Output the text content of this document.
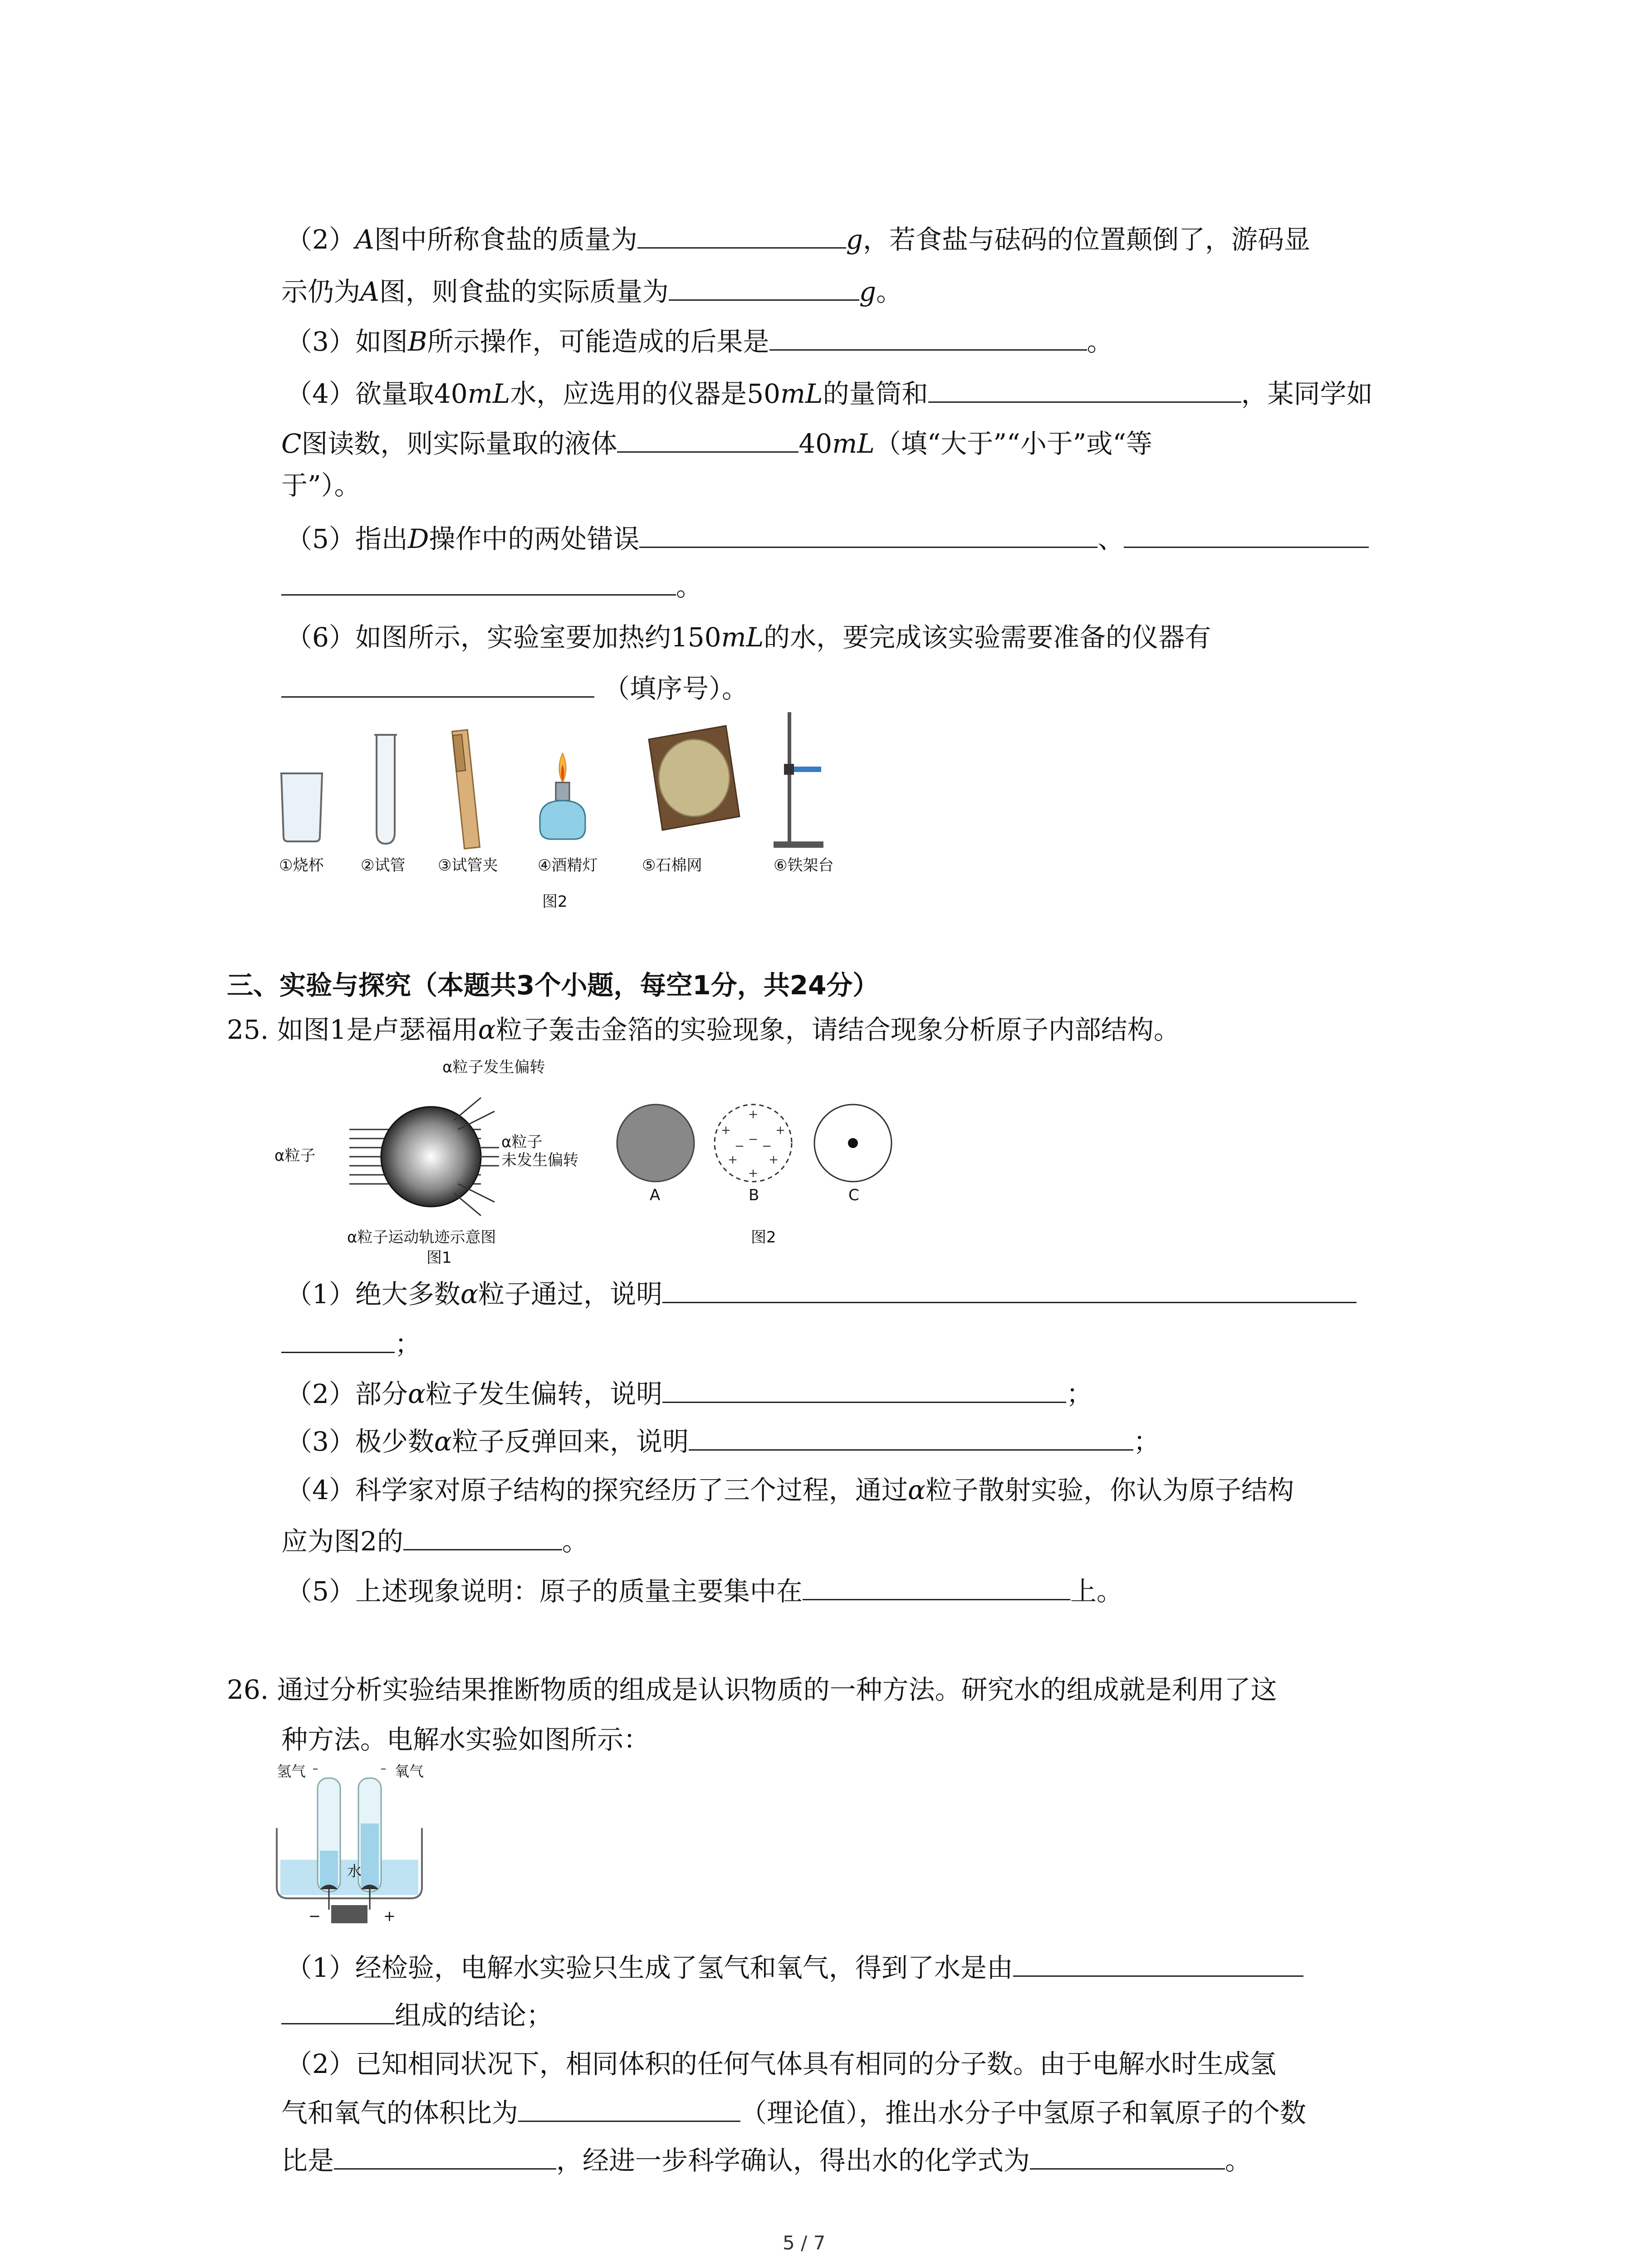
（2）A图中所称食盐的质量为	g，若食盐与砝码的位置颠倒了，游码显
示仍为A图，则食盐的实际质量为	g。
（3）如图B所示操作，可能造成的后果是	。
（4）欲量取40mL水，应选用的仪器是50mL的量筒和	，某同学如
C图读数，则实际量取的液体	40mL（填“大于”“小于”或“等
于”）。
（5）指出D操作中的两处错误	、
。
（6）如图所示，实验室要加热约150mL的水，要完成该实验需要准备的仪器有
（填序号）。
①烧杯 ②试管 ③试管夹	④酒精灯	⑤石棉网	⑥铁架台
图2
三、实验与探究（本题共3个小题，每空1分，共24分）
25. 如图1是卢瑟福用α粒子轰击金箔的实验现象，请结合现象分析原子内部结构。
α粒子发生偏转
α粒子
α粒子
未发生偏转
α粒子运动轨迹示意图
图1
+
+	+
+	+
+
−
− −
A	B	C
图2
（1）绝大多数α粒子通过，说明
；
（2）部分α粒子发生偏转，说明	；
（3）极少数α粒子反弹回来，说明	；
（4）科学家对原子结构的探究经历了三个过程，通过α粒子散射实验，你认为原子结构
应为图2的	。
（5）上述现象说明：原子的质量主要集中在	上。
26. 通过分析实验结果推断物质的组成是认识物质的一种方法。研究水的组成就是利用了这
种方法。电解水实验如图所示：
氢气	氧气
水
−	+
（1）经检验，电解水实验只生成了氢气和氧气，得到了水是由
组成的结论；
（2）已知相同状况下，相同体积的任何气体具有相同的分子数。由于电解水时生成氢
气和氧气的体积比为	（理论值），推出水分子中氢原子和氧原子的个数
比是	，经进一步科学确认，得出水的化学式为	。
5 / 7
